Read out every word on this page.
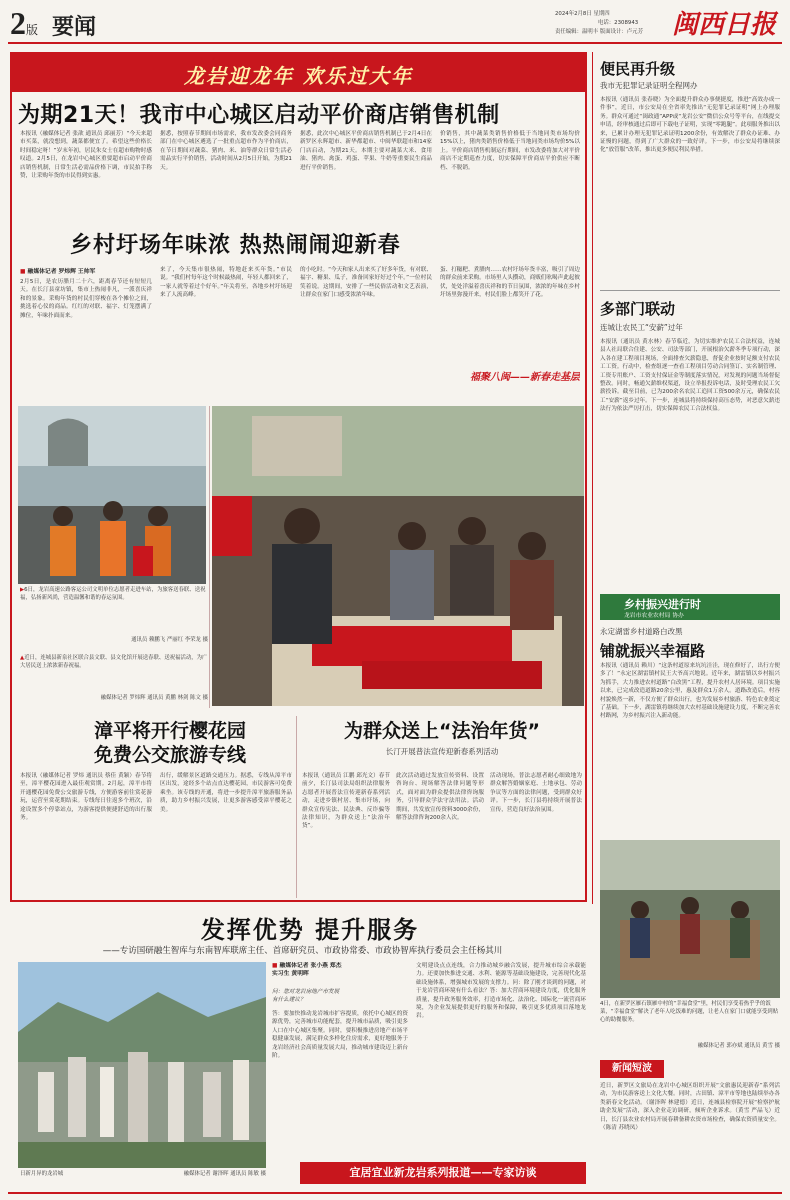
2版 要闻
2024年2月8日 星期四
电话：2308943
责任编辑：温明丰 版面设计：卢元芳	闽西日报
龙岩迎龙年 欢乐过大年
为期21天！我市中心城区启动平价商店销售机制
本报讯（融媒体记者 张歆 通讯员 邱丽芳）“今天来超市买菜，就没想到，蔬菜都便宜了。希望这些价格长时间稳定呀！”岁末年初，居民朱女士在超市购物时感叹道。2月5日，在龙岩中心城区重要超市启动平价商店销售机制，日常生活必需品价格下调，市民拍手称赞，让采购年货的市民得到实惠。
据悉，按照春节期间市场需求，我市发改委会同商务部门在中心城区遴选了一批重点超市作为平价商店，在节日期间对蔬菜、猪肉、米、油等群众日常生活必需品实行平价销售，活动时间从2月5日开始，为期21天。
据悉，此次中心城区平价商店销售机制已于2月4日在新罗区永辉超市、新华都超市、中闽华联超市和14家门店启动，为期21天。本期主要对蔬菜大米、食用油、猪肉、禽蛋、鸡蛋、苹果、牛奶等重要民生商品进行平价销售。
价销售，其中蔬菜类销售价格低于当地同类市场均价15%以上，猪肉类销售价格低于当地同类市场均价5%以上。平价商店销售机制运行期间，市发改委将加大对平价商店不定期巡查力度，切实保障平价商店平价供应不断档、不脱销。
乡村圩场年味浓 热热闹闹迎新春
■ 融媒体记者 罗炜辉 王帅军
2月5日，是农历腊月二十六，距离春节还有短短几天。在长汀县童坊镇，集市上热闹非凡，一派喜庆祥和的景象。采购年货的村民们穿梭在各个摊位之间，挑选着心仪的商品。红红的对联、福字、灯笼摆满了摊位，年味扑面而来。
来了，今天集市很热闹，特地赶来买年货。”市民说。“我们村每年这个时候最热闹，年轻人都回来了，一家人就等着过个好年。”年关将至，各地乡村圩场迎来了人流高峰。
的小吃时。“今天和家人出来买了好多年货，有对联、福字、糖果、瓜子，准备回家好好过个年。”一位村民笑着说。这期间，安排了一些民俗活动和文艺表演，让群众在家门口感受浓浓年味。
蛋、打糍粑、煮腊肉……农村圩场年货丰富，吸引了周边的群众前来采购。市场里人头攒动，商贩们吆喝声此起彼伏，处处洋溢着喜庆祥和的节日氛围，浓浓的年味在乡村圩场里弥漫开来，村民们脸上都笑开了花。
福聚八闽——新春走基层
▶6日，龙岩高速公路客运公司文明单位志愿者走进车站，为旅客送春联、送祝福，弘扬新风尚，营造温馨和谐的春运氛围。
通讯员 赖鹏飞 严丽红 李荣龙 摄
▲近日，连城县新泉社区联合县文联、县文化馆开展送春联、送祝福活动，为广大居民送上浓浓新春祝福。
融媒体记者 罗炜辉 通讯员 黄鹏 林剑 陈文 摄
漳平将开行樱花园
免费公交旅游专线
本报讯（融媒体记者 罗炜 通讯员 蔡佳 黄颖）春节将至，漳平樱花园进入最佳观赏期。2月起，漳平市将开通樱花园免费公交旅游专线，方便游客前往赏花游玩，运营至赏花期结束。专线每日往返多个班次，沿途设置多个停靠站点，为游客提供便捷舒适的出行服务。
出行，缓解景区道路交通压力。据悉，专线从漳平市区出发，途经多个站点直达樱花园，市民游客可免费乘坐。该专线的开通，将进一步提升漳平旅游服务品质，助力乡村振兴发展，让更多游客感受漳平樱花之美。
为群众送上“法治年货”
长汀开展普法宣传迎新春系列活动
本报讯（通讯员 江鹏 邱光文）春节前夕，长汀县司法局组织法律服务志愿者开展普法宣传迎新春系列活动，走进乡镇村居、集市圩场，向群众宣传宪法、民法典、反诈骗等法律知识，为群众送上“法治年货”。
此次活动通过发放宣传资料、设置咨询台、现场解答法律问题等形式，面对面为群众提供法律咨询服务，引导群众学法守法用法。活动期间，共发放宣传资料3000余份，解答法律咨询200余人次。
活动现场，普法志愿者耐心细致地为群众解答婚姻家庭、土地承包、劳动争议等方面的法律问题，受到群众好评。下一步，长汀县将持续开展普法宣传，营造良好法治氛围。
便民再升级
我市无犯罪记录证明全程网办
本报讯（通讯员 张春晓）为全面提升群众办事便捷度，推进“高效办成一件事”，近日，市公安局在全省率先推出“无犯罪记录证明”网上办理服务。群众可通过“闽政通”APP或“龙岩公安”微信公众号等平台，在线提交申请，经审核通过后即可下载电子证明，实现“零跑腿”。此项服务推出以来，已累计办理无犯罪记录证明1200余份，有效解决了群众办证难、办证慢的问题，得到了广大群众的一致好评。下一步，市公安局将继续深化“放管服”改革，推出更多便民利民举措。
多部门联动
连城让农民工“安薪”过年
本报讯（通讯员 黄水林）春节临近，为切实维护农民工合法权益，连城县人社局联合住建、公安、司法等部门，开展根治欠薪冬季专项行动，深入各在建工程项目现场，全面排查欠薪隐患，督促企业按时足额支付农民工工资。行动中，检查组逐一查看工程项目劳动合同签订、实名制管理、工资专用账户、工资支付保证金等制度落实情况，对发现的问题当场督促整改。同时，畅通欠薪维权渠道，设立举报投诉电话，及时受理农民工欠薪投诉。截至目前，已为200余名农民工追回工资500余万元，确保农民工“安薪”返乡过年。下一步，连城县将持续保持高压态势，对恶意欠薪违法行为依法严厉打击，切实保障农民工合法权益。
乡村振兴进行时
龙岩市农业农村局 协办
永定湖雷乡村道路白改黑
铺就振兴幸福路
本报讯（通讯员 赖川）“这条村道原来坑坑洼洼，现在修好了，出行方便多了！”永定区湖雷镇村民王大爷高兴地说。近年来，湖雷镇以乡村振兴为抓手，大力推进农村道路“白改黑”工程，提升农村人居环境。项目实施以来，已完成改造道路20余公里，惠及群众1万余人。道路改造后，村容村貌焕然一新，不仅方便了群众出行，也为发展乡村旅游、特色农业奠定了基础。下一步，湖雷镇将继续加大农村基础设施建设力度，不断完善农村路网，为乡村振兴注入新动能。
4日，在新罗区雁石镇雁中村的“幸福食堂”里，村民们享受着热乎乎的饭菜，“幸福食堂”解决了老年人吃饭难的问题，让老人在家门口就能享受到贴心的助餐服务。
融媒体记者 郭亦斌 通讯员 黄雪 摄
新闻短波
近日，新罗区文旅局在龙岩中心城区组织开展“文旅惠民迎新春”系列活动，为市民游客送上文化大餐。同时，古田镇、漳平市等地也陆续举办各类新春文化活动。（谢泽晖 林建德）近日，连城县检察院开展“检察护航 助企发展”活动，深入企业走访调研，倾听企业诉求。（黄雪 严晶飞）近日，长汀县农业农村局开展春耕备耕农资市场检查，确保农资质量安全。（陈清 苏晓凤）
发挥优势 提升服务
——专访国研融生智库与东南智库联席主任、首席研究员、市政协常委、市政协智库执行委员会主任杨其川
日新月异的龙岩城	融媒体记者 谢泽晖 通讯员 陈敏 摄
■ 融媒体记者 张小燕 郑杰 实习生 黄明晖
问：您对龙岩房地产市发展有什么建议？
答：要加快推动龙岩城市扩容提质，依托中心城区的资源优势，完善城市功能配套，提升城市品质，吸引更多人口在中心城区集聚。同时，要积极推进房地产市场平稳健康发展，满足群众多样化住房需求，更好地服务于龙岩经济社会高质量发展大局，推动城市建设迈上新台阶。
文明建设点点连线，合力推动城乡融合发展，提升城市综合承载能力。还要加快推进交通、水利、能源等基础设施建设，完善现代化基础设施体系，增强城市发展的支撑力。问：除了刚才谈到的问题，对于龙岩营商环境有什么看法？答：加大营商环境建设力度，优化服务质量，提升政务服务效率，打造市场化、法治化、国际化一流营商环境，为企业发展提供更好的服务和保障，吸引更多优质项目落地龙岩。
宜居宜业新龙岩系列报道——专家访谈
